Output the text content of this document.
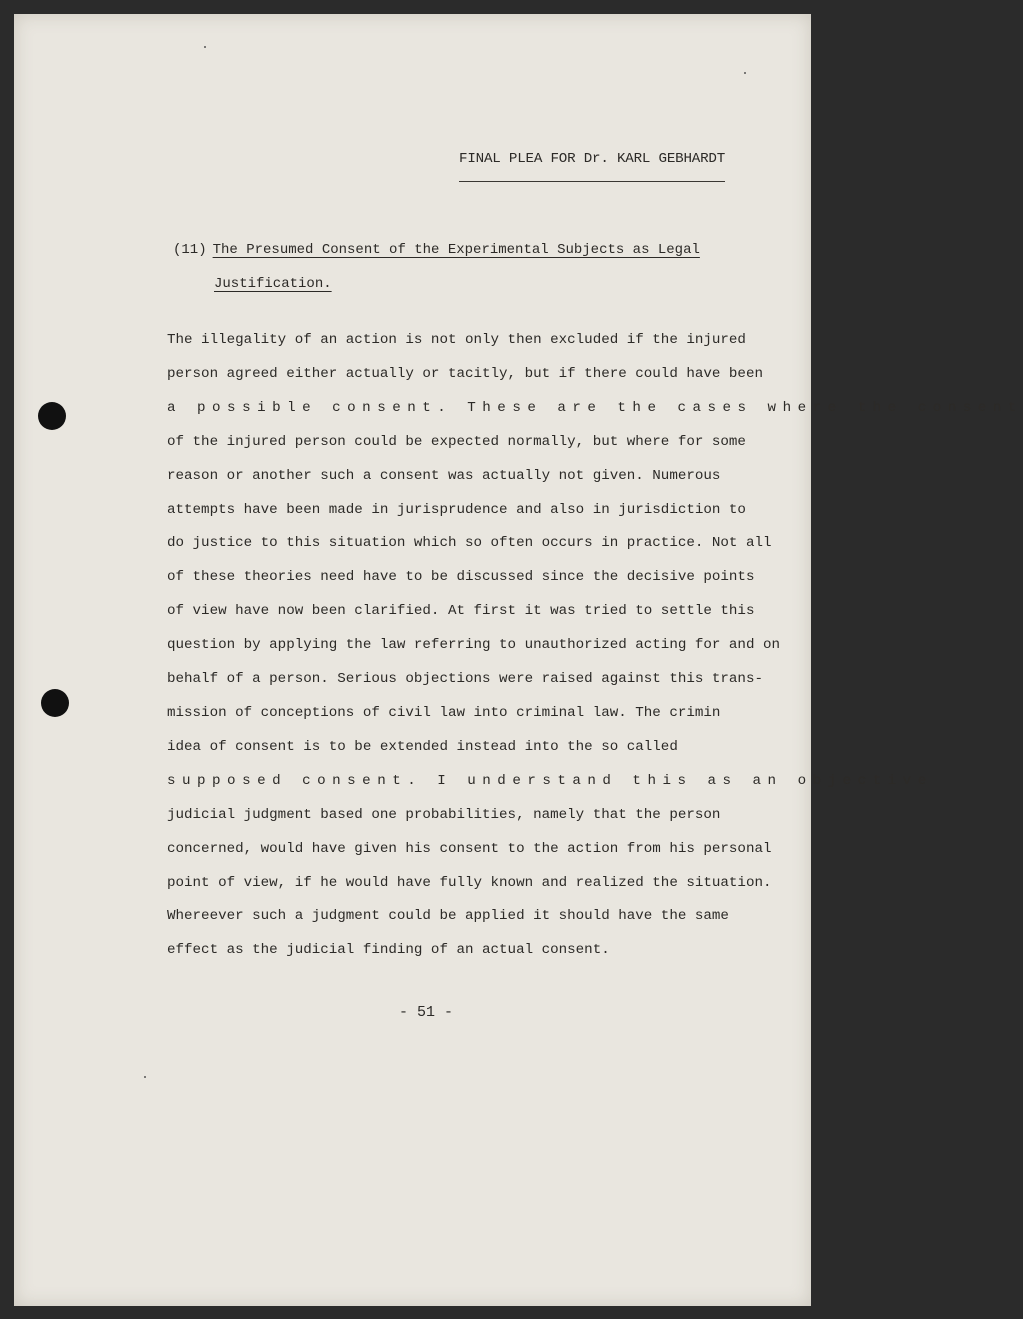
FINAL PLEA FOR Dr. KARL GEBHARDT
(11) The Presumed Consent of the Experimental Subjects as Legal
Justification.

The illegality of an action is not only then excluded if the injured

person agreed either actually or tacitly, but if there could have been

a possible consent. These are the cases where the consent

of the injured person could be expected normally, but where for some

reason or another such a consent was actually not given. Numerous

attempts have been made in jurisprudence and also in jurisdiction to

do justice to this situation which so often occurs in practice. Not all

of these theories need have to be discussed since the decisive points

of view have now been clarified. At first it was tried to settle this

question by applying the law referring to unauthorized acting for and on

behalf of a person. Serious objections were raised against this trans-

mission of conceptions of civil law into criminal law. The crimin

idea of consent is to be extended instead into the so called

supposed consent. I understand this as an objective

judicial judgment based one probabilities, namely that the person

concerned, would have given his consent to the action from his personal

point of view, if he would have fully known and realized the situation.

Whereever such a judgment could be applied it should have the same

effect as the judicial finding of an actual consent.

- 51 -
